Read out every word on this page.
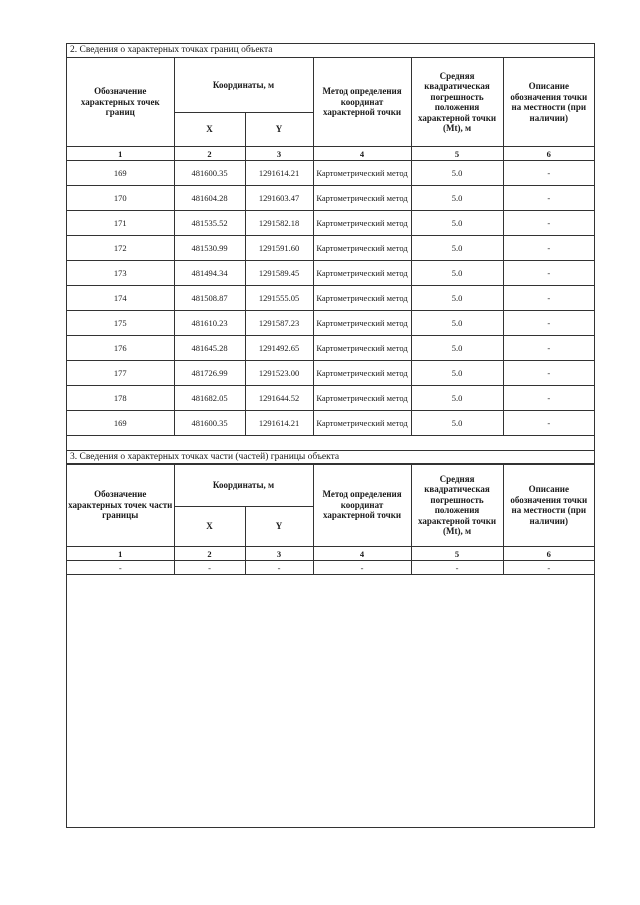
2. Сведения о характерных точках границ объекта
Обозначение характерных точек границ	Координаты, м		Метод определения координат характерной точки	Средняя квадратическая погрешность положения характерной точки (Mt), м	Описание обозначения точки на местности (при наличии)
	X	Y			
1	2	3	4	5	6
169	481600.35	1291614.21	Картометрический метод	5.0	-
170	481604.28	1291603.47	Картометрический метод	5.0	-
171	481535.52	1291582.18	Картометрический метод	5.0	-
172	481530.99	1291591.60	Картометрический метод	5.0	-
173	481494.34	1291589.45	Картометрический метод	5.0	-
174	481508.87	1291555.05	Картометрический метод	5.0	-
175	481610.23	1291587.23	Картометрический метод	5.0	-
176	481645.28	1291492.65	Картометрический метод	5.0	-
177	481726.99	1291523.00	Картометрический метод	5.0	-
178	481682.05	1291644.52	Картометрический метод	5.0	-
169	481600.35	1291614.21	Картометрический метод	5.0	-
3. Сведения о характерных точках части (частей) границы объекта
Обозначение характерных точек части границы	Координаты, м		Метод определения координат характерной точки	Средняя квадратическая погрешность положения характерной точки (Mt), м	Описание обозначения точки на местности (при наличии)
	X	Y			
1	2	3	4	5	6
-	-	-	-	-	-
